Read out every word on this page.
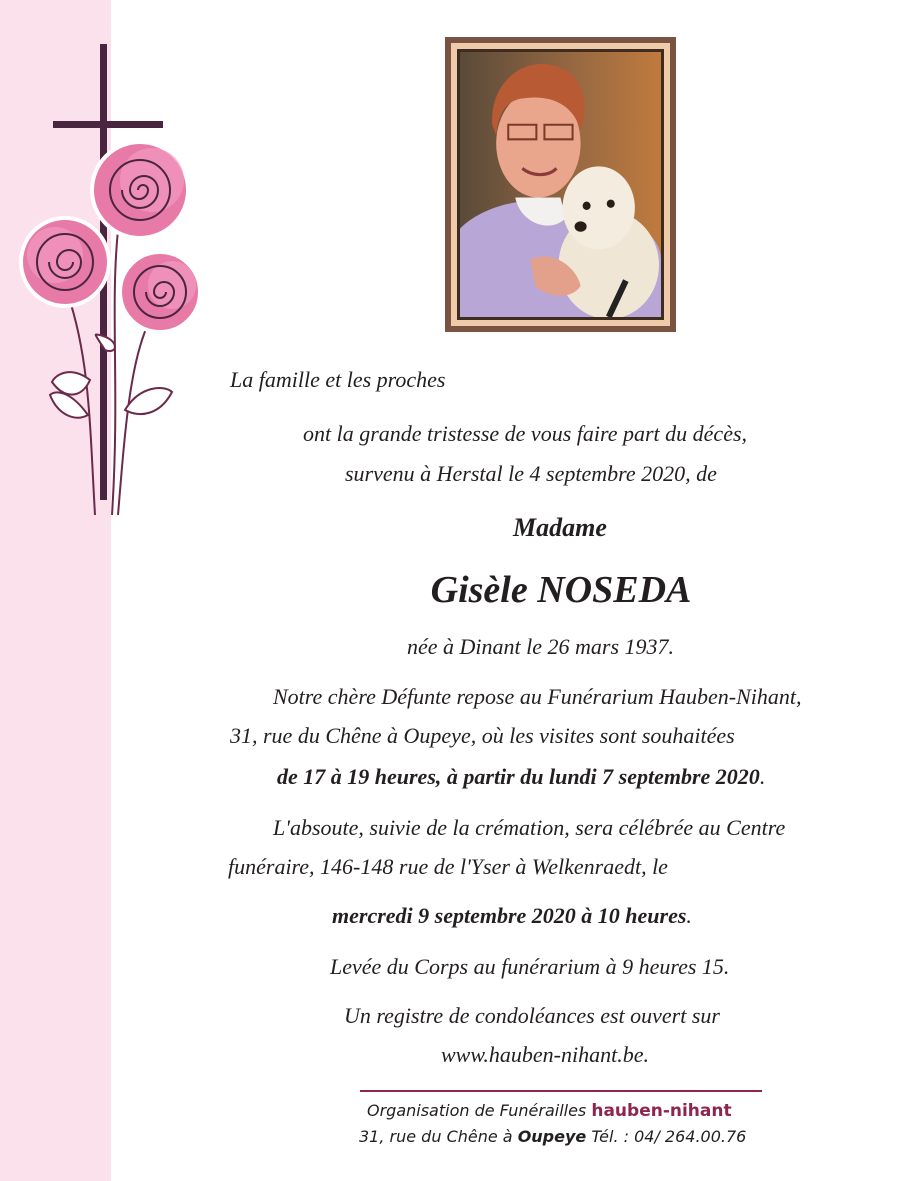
La famille et les proches
ont la grande tristesse de vous faire part du décès,
survenu à Herstal le 4 septembre 2020, de
Madame
Gisèle NOSEDA
née à Dinant le 26 mars 1937.
Notre chère Défunte repose au Funérarium Hauben-Nihant,
31, rue du Chêne à Oupeye, où les visites sont souhaitées
de 17 à 19 heures, à partir du lundi 7 septembre 2020.
L'absoute, suivie de la crémation, sera célébrée au Centre
funéraire, 146-148 rue de l'Yser à Welkenraedt, le
mercredi 9 septembre 2020 à 10 heures.
Levée du Corps au funérarium à 9 heures 15.
Un registre de condoléances est ouvert sur
www.hauben-nihant.be.
Organisation de Funérailles hauben-nihant
31, rue du Chêne à Oupeye Tél. : 04/ 264.00.76
